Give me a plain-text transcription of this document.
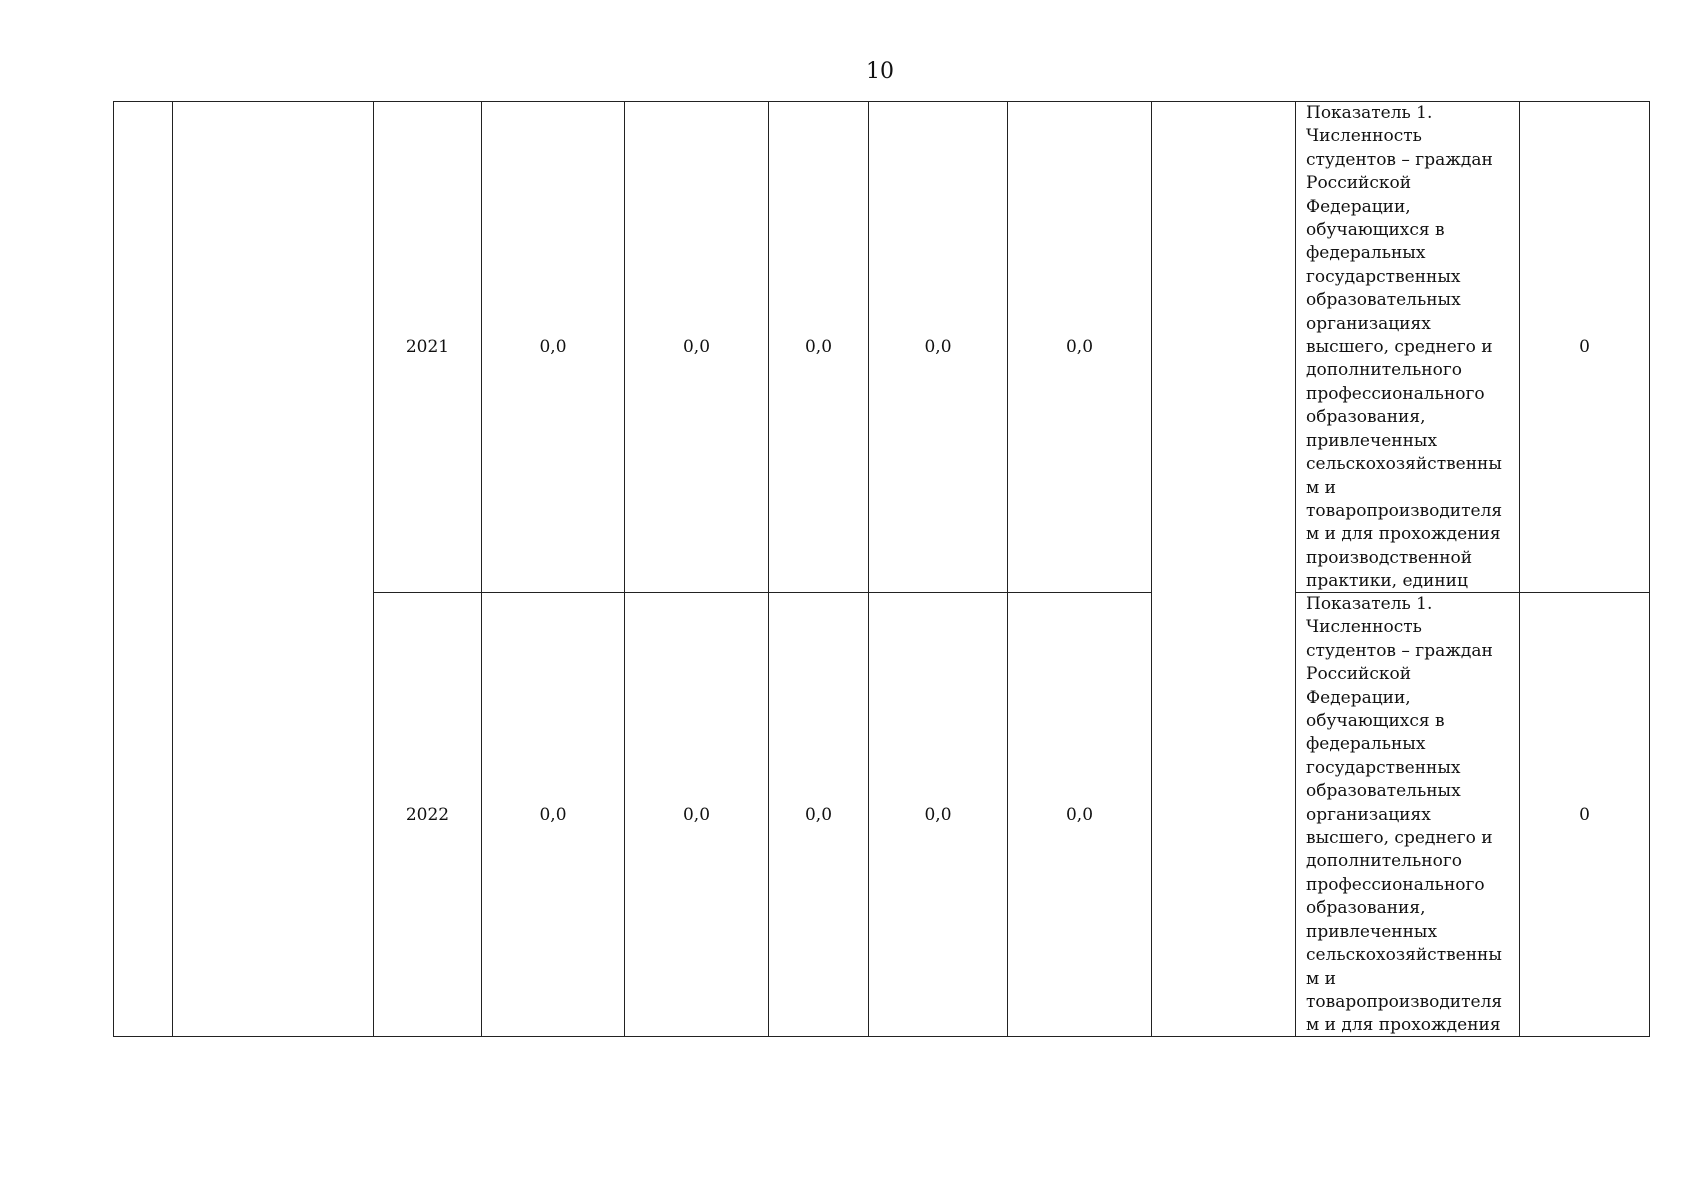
10
		2021	0,0	0,0	0,0	0,0	0,0		Показатель 1. Численность студентов – граждан Российской Федерации, обучающихся в федеральных государственных образовательных организациях высшего, среднего и дополнительного профессионального образования, привлеченных сельскохозяйственным и товаропроизводителям и для прохождения производственной практики, единиц	0
		2022	0,0	0,0	0,0	0,0	0,0		Показатель 1. Численность студентов – граждан Российской Федерации, обучающихся в федеральных государственных образовательных организациях высшего, среднего и дополнительного профессионального образования, привлеченных сельскохозяйственным и товаропроизводителям и для прохождения	0
